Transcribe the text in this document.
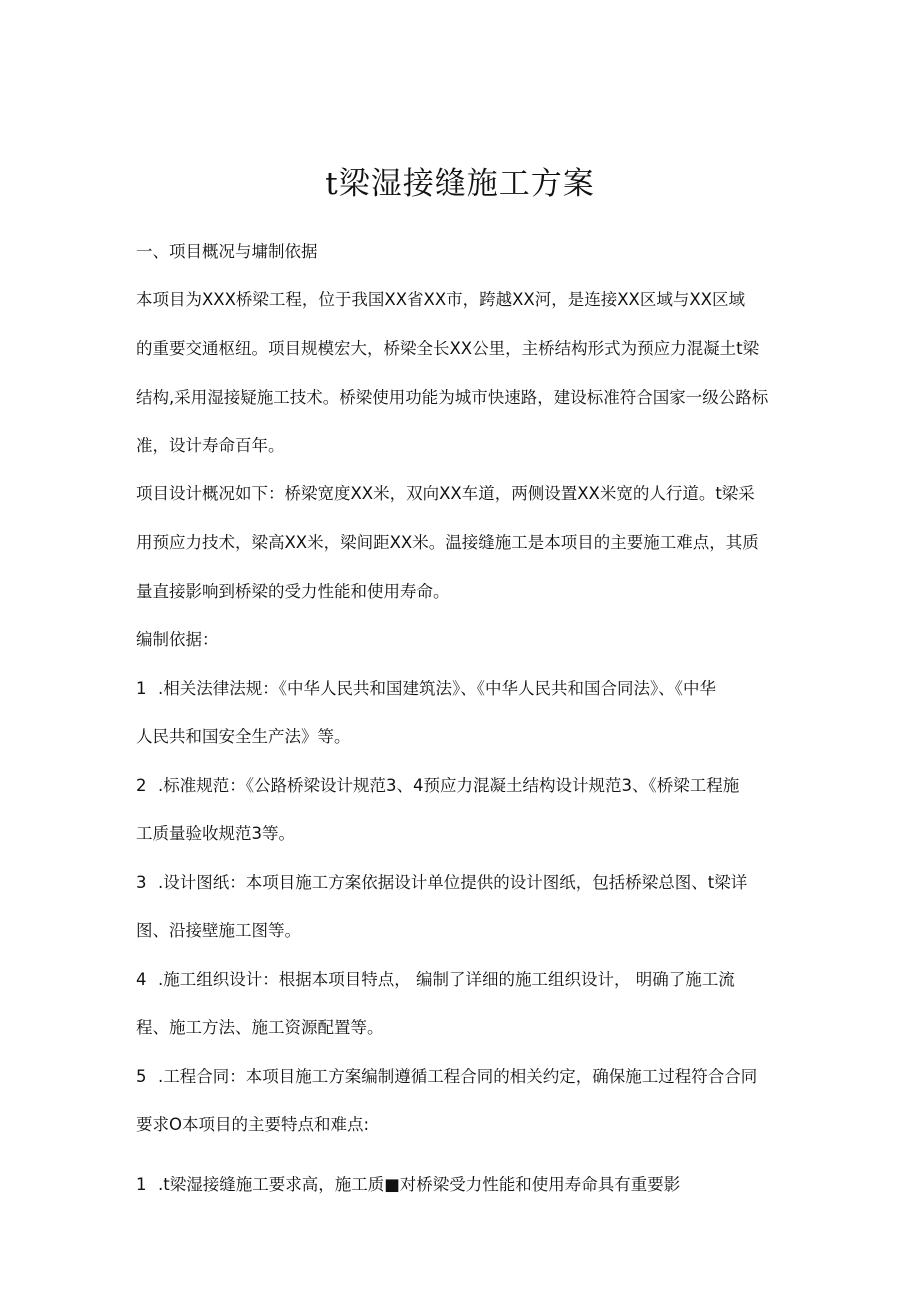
t梁湿接缝施工方案

一、项目概况与墉制依据

本项目为XXX桥梁工程，位于我国XX省XX市，跨越XX河，是连接XX区域与XX区域

的重要交通枢纽。项目规模宏大，桥梁全长XX公里，主桥结构形式为预应力混凝土t梁

结构,采用湿接疑施工技术。桥梁使用功能为城市快速路，建设标准符合国家一级公路标

准，设计寿命百年。

项目设计概况如下：桥梁宽度XX米，双向XX车道，两侧设置XX米宽的人行道。t梁采

用预应力技术，梁高XX米，梁间距XX米。温接缝施工是本项目的主要施工难点，其质

量直接影响到桥梁的受力性能和使用寿命。

编制依据：

1 .相关法律法规：《中华人民共和国建筑法》、《中华人民共和国合同法》、《中华

人民共和国安全生产法》等。

2 .标准规范：《公路桥梁设计规范3、4预应力混凝土结构设计规范3、《桥梁工程施

工质量验收规范3等。

3 .设计图纸：本项目施工方案依据设计单位提供的设计图纸，包括桥梁总图、t梁详

图、沿接壁施工图等。

4 .施工组织设计：根据本项目特点， 编制了详细的施工组织设计， 明确了施工流

程、施工方法、施工资源配置等。

5 .工程合同：本项目施工方案编制遵循工程合同的相关约定，确保施工过程符合合同

要求O本项目的主要特点和难点:

1 .t梁湿接缝施工要求高，施工质■对桥梁受力性能和使用寿命具有重要影
